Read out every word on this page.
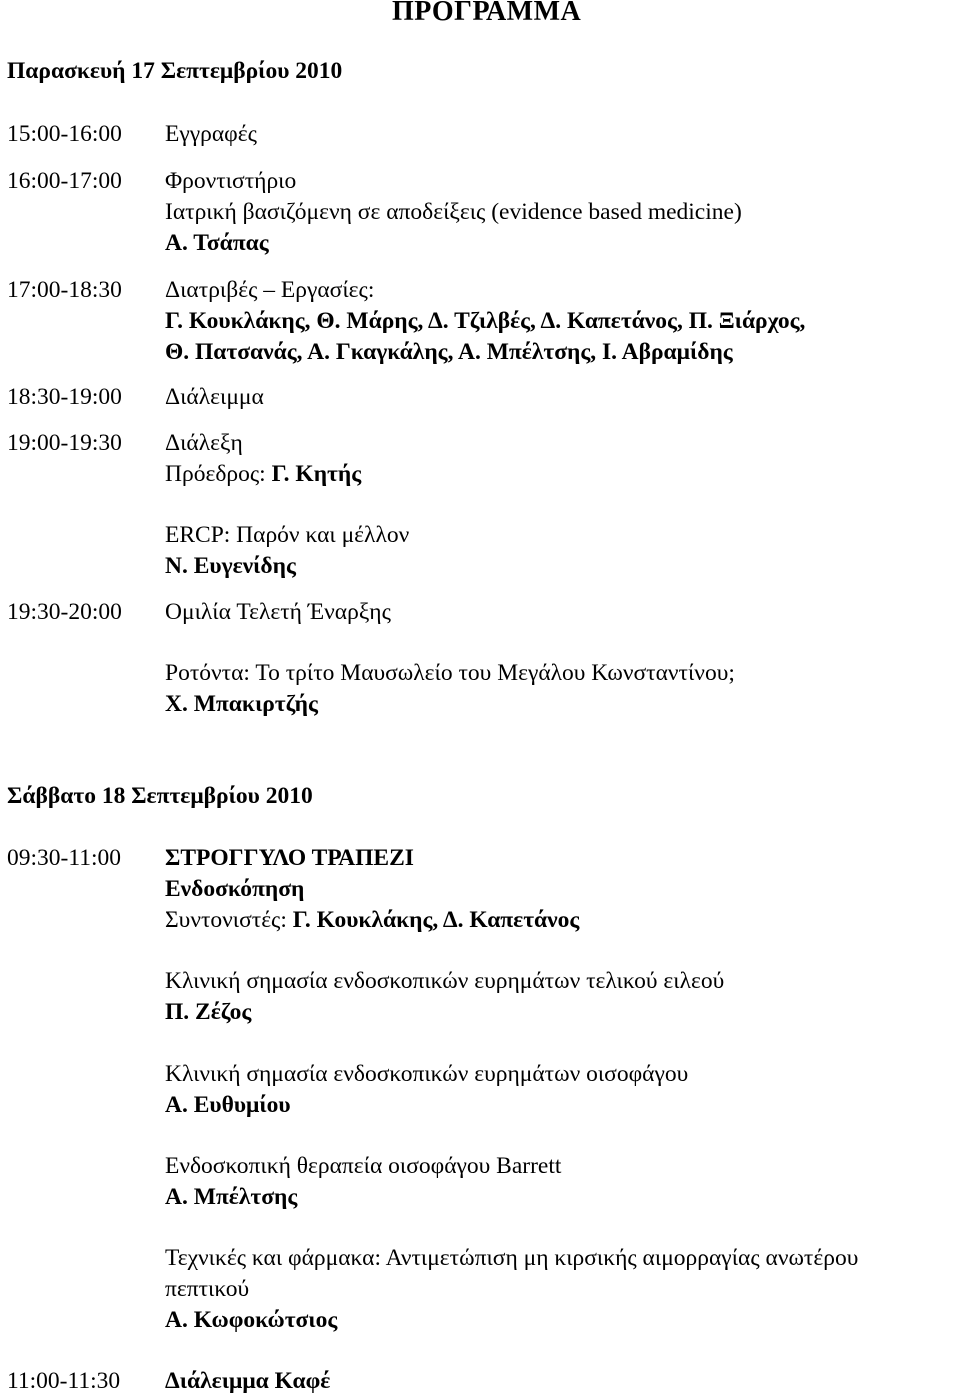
ΠΡΟΓΡΑΜΜΑ
Παρασκευή 17 Σεπτεμβρίου 2010
15:00-16:00 Εγγραφές
16:00-17:00 Φροντιστήριο
Ιατρική βασιζόμενη σε αποδείξεις (evidence based medicine)
Α. Τσάπας
17:00-18:30 Διατριβές – Εργασίες:
Γ. Κουκλάκης, Θ. Μάρης, Δ. Τζιλβές, Δ. Καπετάνος, Π. Ξιάρχος,
Θ. Πατσανάς, Α. Γκαγκάλης, Α. Μπέλτσης, Ι. Αβραμίδης
18:30-19:00 Διάλειμμα
19:00-19:30 Διάλεξη
Πρόεδρος: Γ. Κητής
ERCP: Παρόν και μέλλον
Ν. Ευγενίδης
19:30-20:00 Ομιλία Τελετή Έναρξης
Ροτόντα: Το τρίτο Μαυσωλείο του Μεγάλου Κωνσταντίνου;
Χ. Μπακιρτζής
Σάββατο 18 Σεπτεμβρίου 2010
09:30-11:00 ΣΤΡΟΓΓΥΛΟ ΤΡΑΠΕΖΙ
Ενδοσκόπηση
Συντονιστές: Γ. Κουκλάκης, Δ. Καπετάνος
Κλινική σημασία ενδοσκοπικών ευρημάτων τελικού ειλεού
Π. Ζέζος
Κλινική σημασία ενδοσκοπικών ευρημάτων οισοφάγου
Α. Ευθυμίου
Ενδοσκοπική θεραπεία οισοφάγου Barrett
Α. Μπέλτσης
Τεχνικές και φάρμακα: Αντιμετώπιση μη κιρσικής αιμορραγίας ανωτέρου
πεπτικού
Α. Κωφοκώτσιος
11:00-11:30 Διάλειμμα Καφέ
